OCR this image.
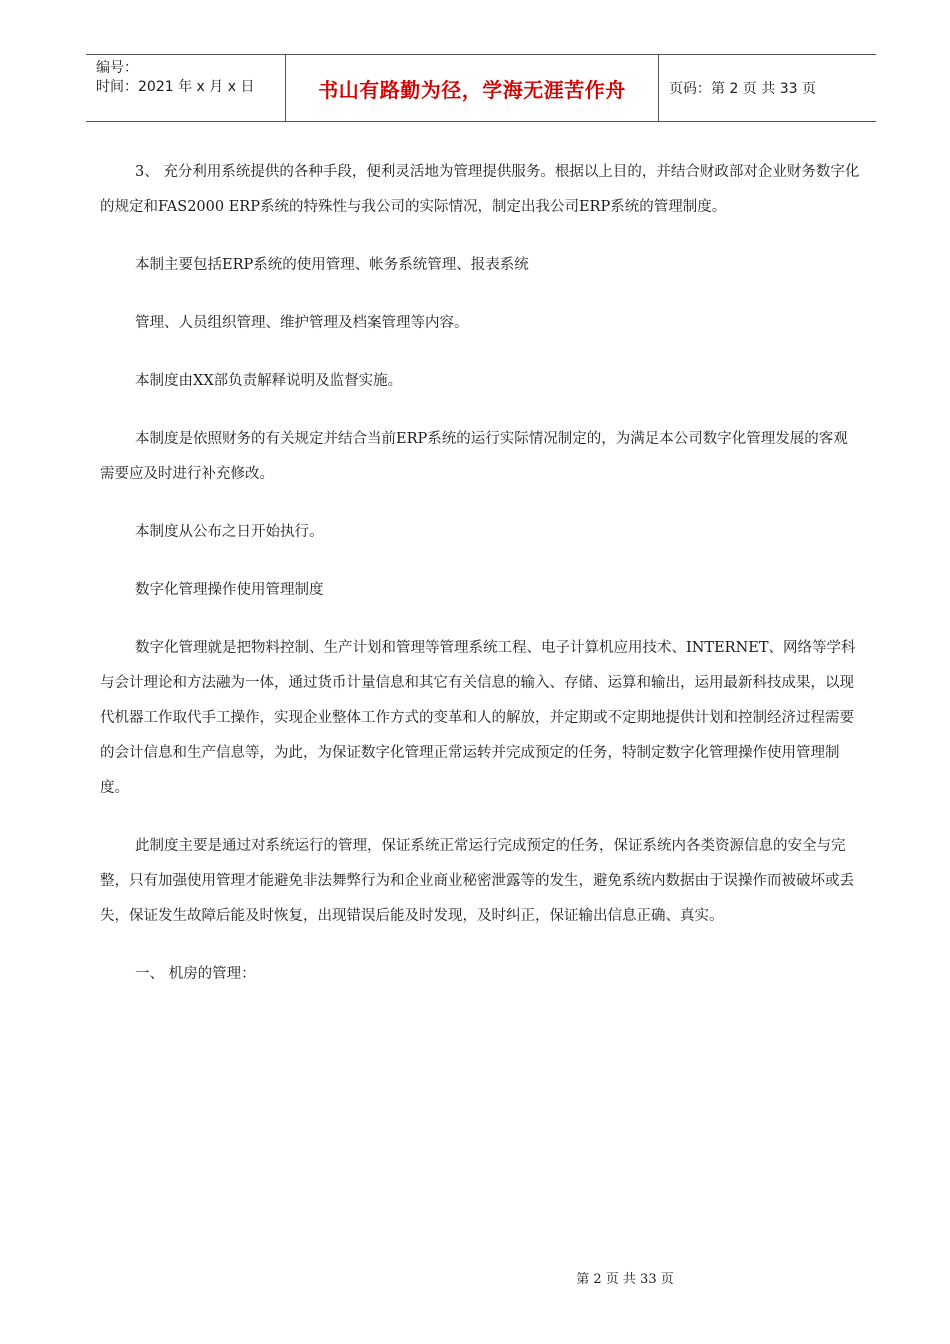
编号：
时间：2021 年 x 月 x 日	书山有路勤为径，学海无涯苦作舟	页码：第 2 页 共 33 页

3、 充分利用系统提供的各种手段，便利灵活地为管理提供服务。根据以上目的，并结合财政部对企业财务数字化的规定和FAS2000 ERP系统的特殊性与我公司的实际情况，制定出我公司ERP系统的管理制度。

本制主要包括ERP系统的使用管理、帐务系统管理、报表系统

管理、人员组织管理、维护管理及档案管理等内容。

本制度由XX部负责解释说明及监督实施。

本制度是依照财务的有关规定并结合当前ERP系统的运行实际情况制定的，为满足本公司数字化管理发展的客观需要应及时进行补充修改。

本制度从公布之日开始执行。

数字化管理操作使用管理制度

数字化管理就是把物料控制、生产计划和管理等管理系统工程、电子计算机应用技术、INTERNET、网络等学科与会计理论和方法融为一体，通过货币计量信息和其它有关信息的输入、存储、运算和输出，运用最新科技成果，以现代机器工作取代手工操作，实现企业整体工作方式的变革和人的解放，并定期或不定期地提供计划和控制经济过程需要的会计信息和生产信息等，为此，为保证数字化管理正常运转并完成预定的任务，特制定数字化管理操作使用管理制度。

此制度主要是通过对系统运行的管理，保证系统正常运行完成预定的任务，保证系统内各类资源信息的安全与完整，只有加强使用管理才能避免非法舞弊行为和企业商业秘密泄露等的发生，避免系统内数据由于误操作而被破坏或丢失，保证发生故障后能及时恢复，出现错误后能及时发现，及时纠正，保证输出信息正确、真实。

一、 机房的管理：

第 2 页 共 33 页
